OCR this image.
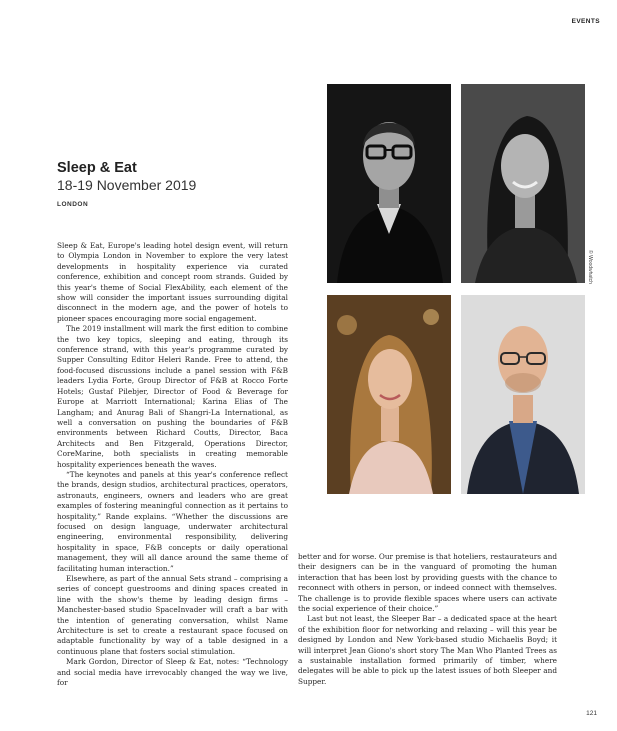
EVENTS
Sleep & Eat
18-19 November 2019
LONDON

Sleep & Eat, Europe's leading hotel design event, will return to Olympia London in November to explore the very latest developments in hospitality experience via curated conference, exhibition and concept room strands. Guided by this year's theme of Social FlexAbility, each element of the show will consider the important issues surrounding digital disconnect in the modern age, and the power of hotels to pioneer spaces encouraging more social engagement.

The 2019 installment will mark the first edition to combine the two key topics, sleeping and eating, through its conference strand, with this year's programme curated by Supper Consulting Editor Heleri Rande. Free to attend, the food-focused discussions include a panel session with F&B leaders Lydia Forte, Group Director of F&B at Rocco Forte Hotels; Gustaf Pilebjer, Director of Food & Beverage for Europe at Marriott International; Karina Elias of The Langham; and Anurag Bali of Shangri-La International, as well a conversation on pushing the boundaries of F&B environments between Richard Coutts, Director, Baca Architects and Ben Fitzgerald, Operations Director, CoreMarine, both specialists in creating memorable hospitality experiences beneath the waves.

“The keynotes and panels at this year's conference reflect the brands, design studios, architectural practices, operators, astronauts, engineers, owners and leaders who are great examples of fostering meaningful connection as it pertains to hospitality,” Rande explains. “Whether the discussions are focused on design language, underwater architectural engineering, environmental responsibility, delivering hospitality in space, F&B concepts or daily operational management, they will all dance around the same theme of facilitating human interaction.”

Elsewhere, as part of the annual Sets strand – comprising a series of concept guestrooms and dining spaces created in line with the show's theme by leading design firms – Manchester-based studio SpaceInvader will craft a bar with the intention of generating conversation, whilst Name Architecture is set to create a restaurant space focused on adaptable functionality by way of a table designed in a continuous plane that fosters social stimulation.

Mark Gordon, Director of Sleep & Eat, notes: “Technology and social media have irrevocably changed the way we live, for

better and for worse. Our premise is that hoteliers, restaurateurs and their designers can be in the vanguard of promoting the human interaction that has been lost by providing guests with the chance to reconnect with others in person, or indeed connect with themselves. The challenge is to provide flexible spaces where users can activate the social experience of their choice.”

Last but not least, the Sleeper Bar – a dedicated space at the heart of the exhibition floor for networking and relaxing – will this year be designed by London and New York-based studio Michaelis Boyd; it will interpret Jean Giono's short story The Man Who Planted Trees as a sustainable installation formed primarily of timber, where delegates will be able to pick up the latest issues of both Sleeper and Supper.

© Woodwhatch
121
